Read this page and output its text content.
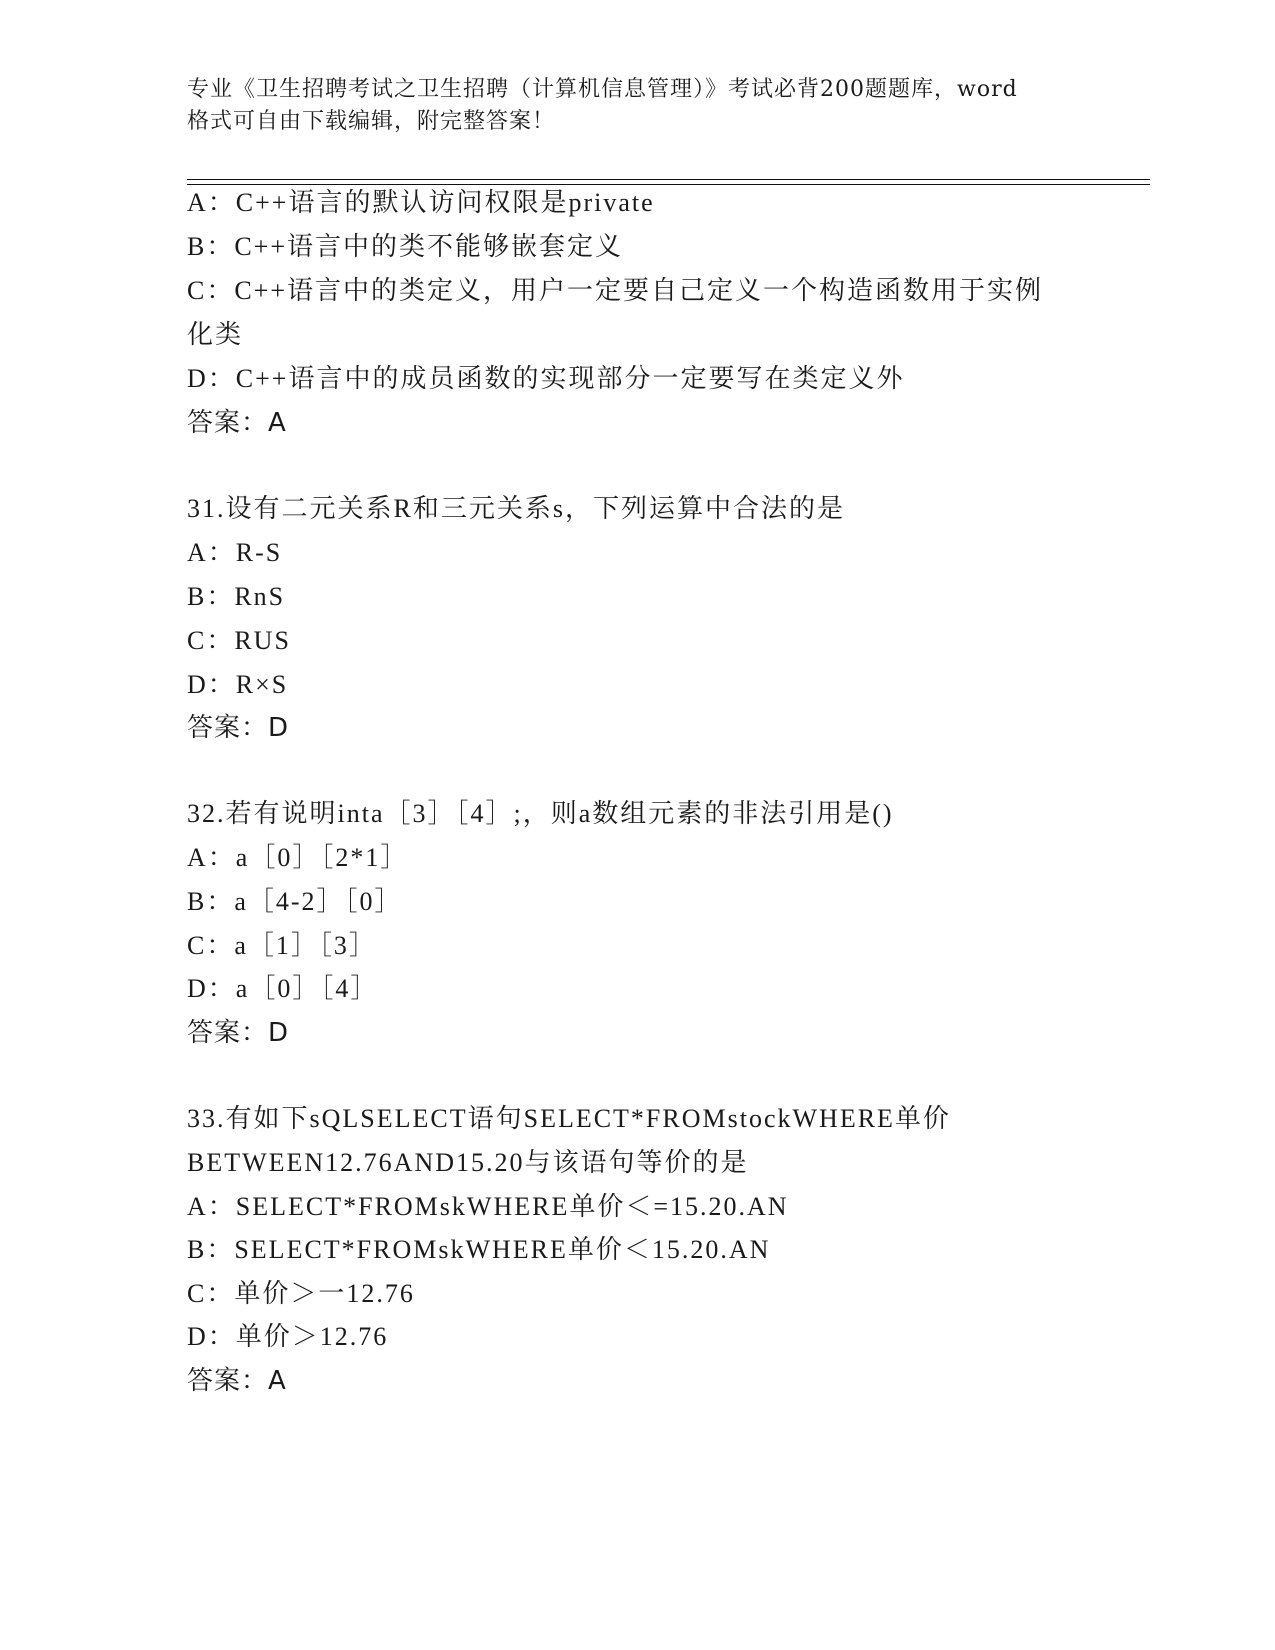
专业《卫生招聘考试之卫生招聘（计算机信息管理）》考试必背200题题库，word
格式可自由下载编辑，附完整答案！
A：C++语言的默认访问权限是private
B：C++语言中的类不能够嵌套定义
C：C++语言中的类定义，用户一定要自己定义一个构造函数用于实例
化类
D：C++语言中的成员函数的实现部分一定要写在类定义外
答案：A
31.设有二元关系R和三元关系s，下列运算中合法的是
A：R-S
B：RnS
C：RUS
D：R×S
答案：D
32.若有说明inta［3］［4］;，则a数组元素的非法引用是()
A：a［0］［2*1］
B：a［4-2］［0］
C：a［1］［3］
D：a［0］［4］
答案：D
33.有如下sQLSELECT语句SELECT*FROMstockWHERE单价
BETWEEN12.76AND15.20与该语句等价的是
A：SELECT*FROMskWHERE单价＜=15.20.AN
B：SELECT*FROMskWHERE单价＜15.20.AN
C：单价＞一12.76
D：单价＞12.76
答案：A
